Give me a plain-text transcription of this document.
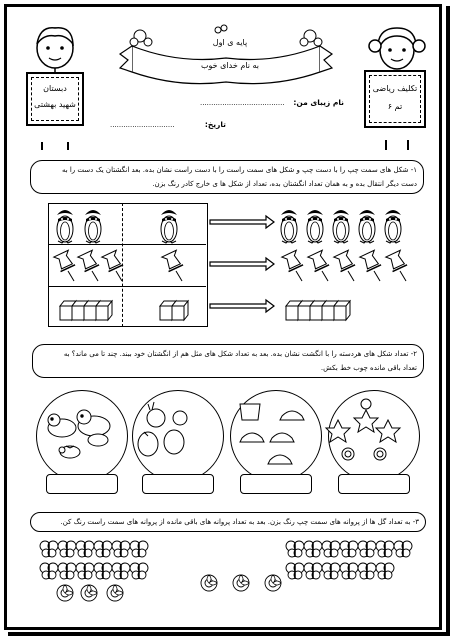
دبستان
شهید بهشتی
تکلیف ریاضی
تم ۶
پایه ی اول
به نام خدای خوب
نام زیبای من:
......................................
تاریخ:
.............................
۱- شکل های سمت چپ را با دست چپ و شکل های سمت راست را با دست راست نشان بده. بعد انگشتان یک دست را به
دست دیگر انتقال بده و به همان تعداد انگشتان بده، تعداد از شکل ها ی خارج کادر رنگ بزن.
۲- تعداد شکل های هردسته را با انگشت نشان بده. بعد به تعداد شکل های مثل هم از انگشتان خود ببند. چند تا می ماند؟ به
تعداد باقی مانده چوب خط بکش.
۳- به تعداد گل ها از پروانه های سمت چپ رنگ بزن. بعد به تعداد پروانه های باقی مانده از پروانه های سمت راست رنگ کن.
